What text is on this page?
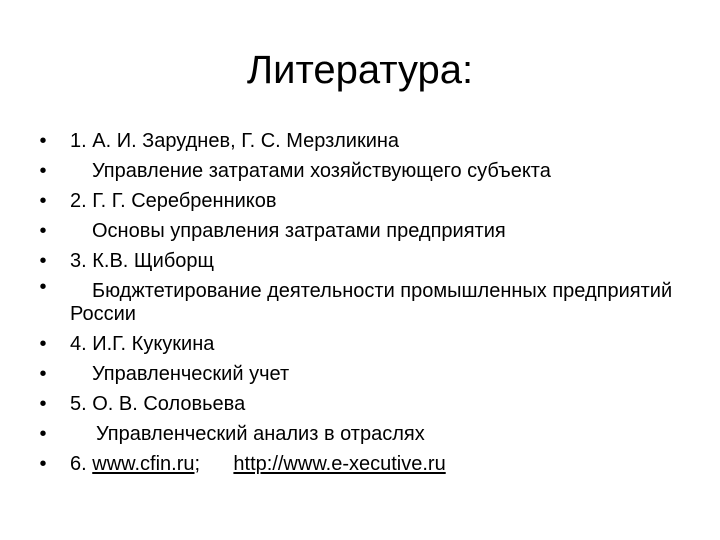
Литература:
• 1. А. И. Заруднев, Г. С. Мерзликина
• Управление затратами хозяйствующего субъекта
• 2. Г. Г. Серебренников
• Основы управления затратами предприятия
• 3. К.В. Щиборщ
•	Бюджтетирование деятельности промышленных предприятий России
• 4. И.Г. Кукукина
• Управленческий учет
• 5. О. В. Соловьева
• Управленческий анализ в отраслях
• 6. www.cfin.ru; http://www.e-xecutive.ru
